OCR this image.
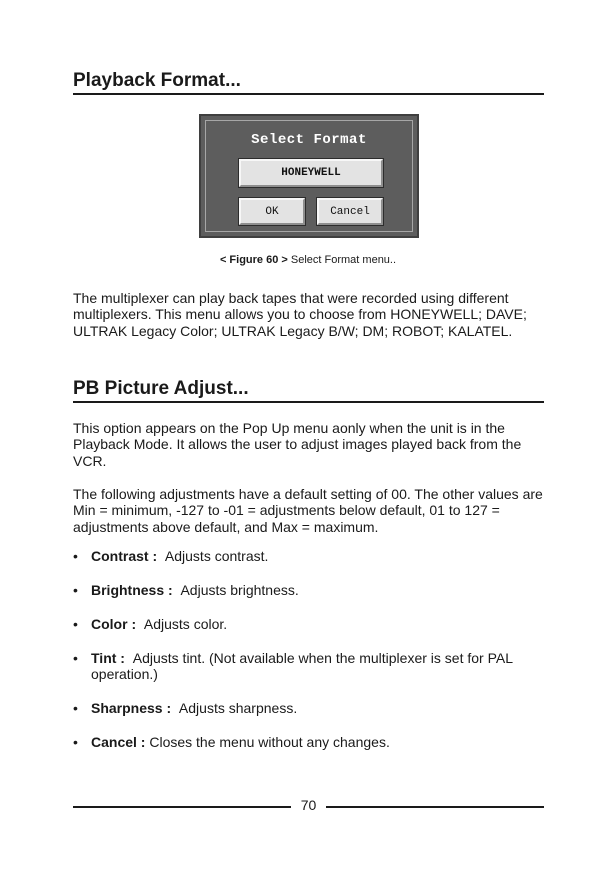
Playback Format...
Select Format
HONEYWELL
OK	Cancel
< Figure 60 > Select Format menu..

The multiplexer can play back tapes that were recorded using different multiplexers. This menu allows you to choose from HONEYWELL; DAVE; ULTRAK Legacy Color; ULTRAK Legacy B/W; DM; ROBOT; KALATEL.

PB Picture Adjust...

This option appears on the Pop Up menu aonly when the unit is in the Playback Mode. It allows the user to adjust images played back from the VCR.

The following adjustments have a default setting of 00. The other values are Min = minimum, -127 to -01 = adjustments below default, 01 to 127 = adjustments above default, and Max = maximum.

• Contrast : Adjusts contrast.
• Brightness : Adjusts brightness.
• Color : Adjusts color.
• Tint : Adjusts tint. (Not available when the multiplexer is set for PAL operation.)
• Sharpness : Adjusts sharpness.
• Cancel : Closes the menu without any changes.
70
